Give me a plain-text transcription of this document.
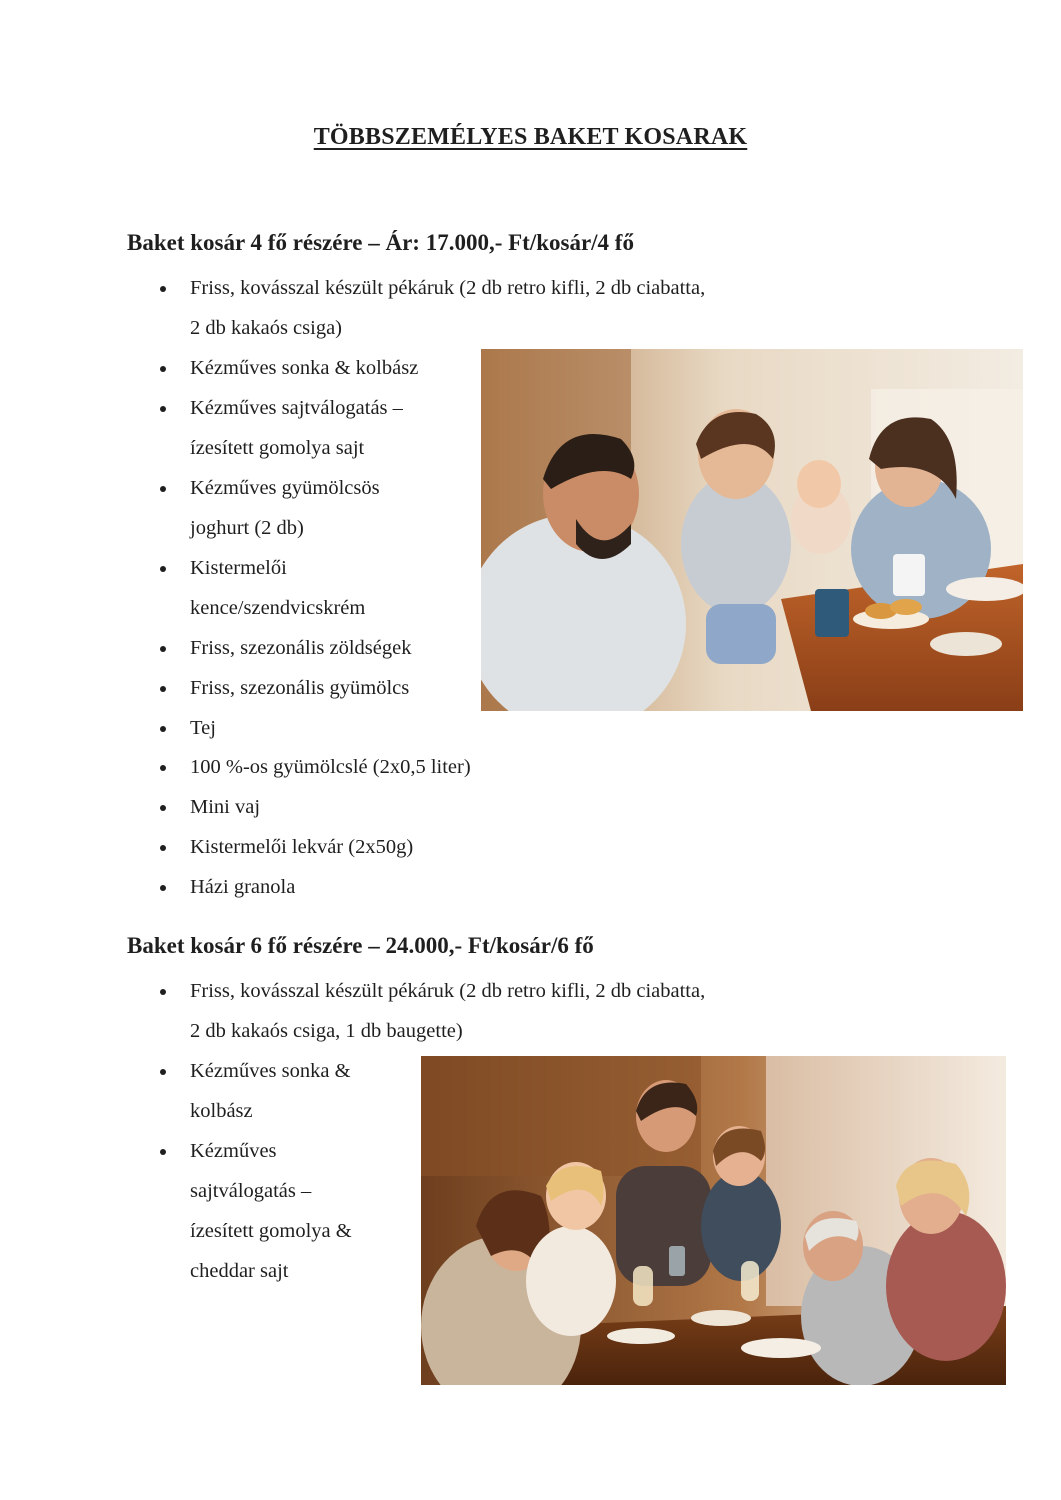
TÖBBSZEMÉLYES BAKET KOSARAK
Baket kosár 4 fő részére – Ár: 17.000,- Ft/kosár/4 fő
Friss, kovásszal készült pékáruk (2 db retro kifli, 2 db ciabatta,
2 db kakaós csiga)
Kézműves sonka & kolbász
Kézműves sajtválogatás –
ízesített gomolya sajt
Kézműves gyümölcsös
joghurt (2 db)
Kistermelői
kence/szendvicskrém
Friss, szezonális zöldségek
Friss, szezonális gyümölcs
Tej
100 %-os gyümölcslé (2x0,5 liter)
Mini vaj
Kistermelői lekvár (2x50g)
Házi granola
Baket kosár 6 fő részére – 24.000,- Ft/kosár/6 fő
Friss, kovásszal készült pékáruk (2 db retro kifli, 2 db ciabatta,
2 db kakaós csiga, 1 db baugette)
Kézműves sonka &
kolbász
Kézműves
sajtválogatás –
ízesített gomolya &
cheddar sajt
